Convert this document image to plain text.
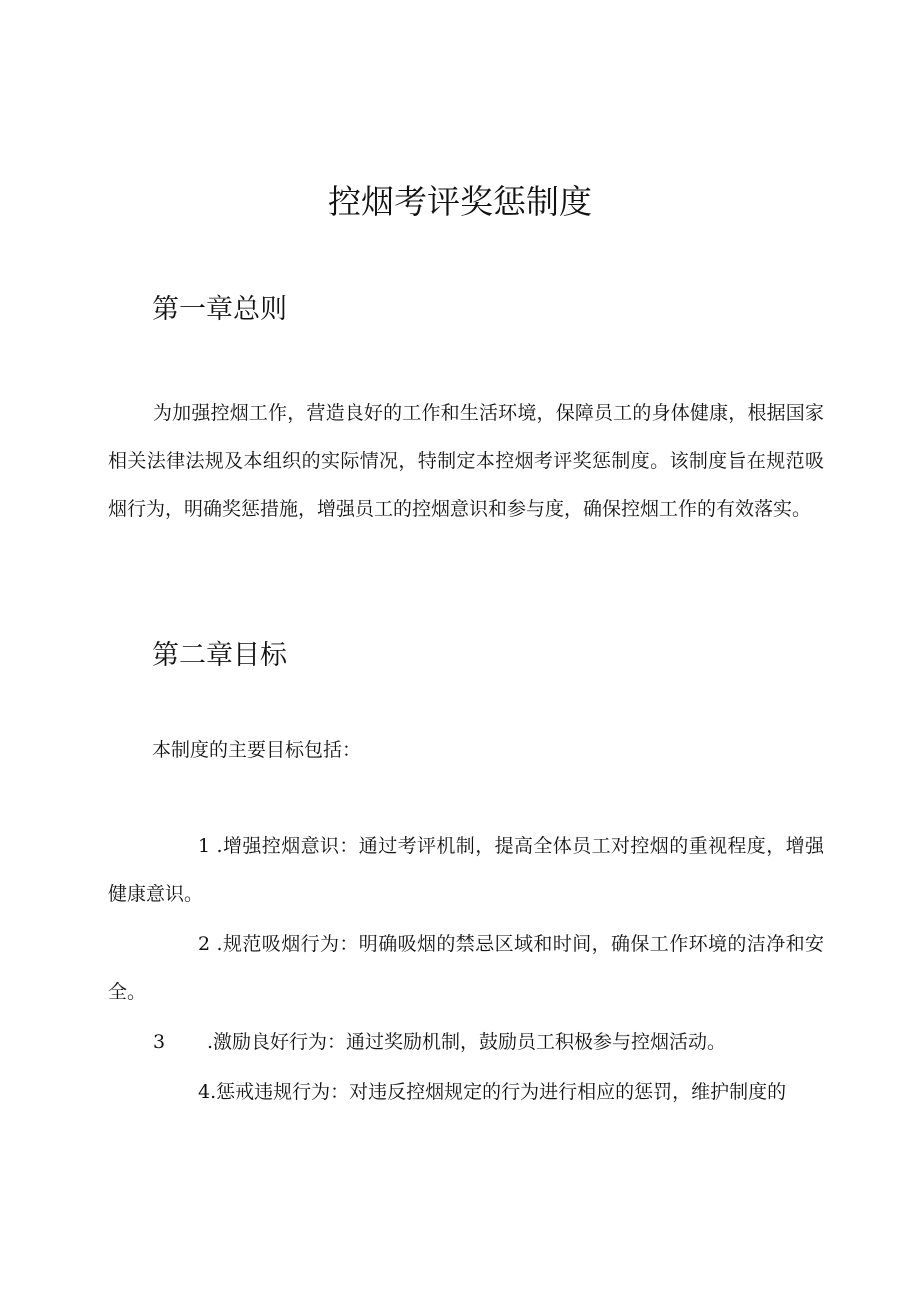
控烟考评奖惩制度
第一章总则

为加强控烟工作，营造良好的工作和生活环境，保障员工的身体健康，根据国家相关法律法规及本组织的实际情况，特制定本控烟考评奖惩制度。该制度旨在规范吸烟行为，明确奖惩措施，增强员工的控烟意识和参与度，确保控烟工作的有效落实。

第二章目标

本制度的主要目标包括：

1 .增强控烟意识：通过考评机制，提高全体员工对控烟的重视程度，增强健康意识。

2 .规范吸烟行为：明确吸烟的禁忌区域和时间，确保工作环境的洁净和安全。

3 .激励良好行为：通过奖励机制，鼓励员工积极参与控烟活动。

4.惩戒违规行为：对违反控烟规定的行为进行相应的惩罚，维护制度的
